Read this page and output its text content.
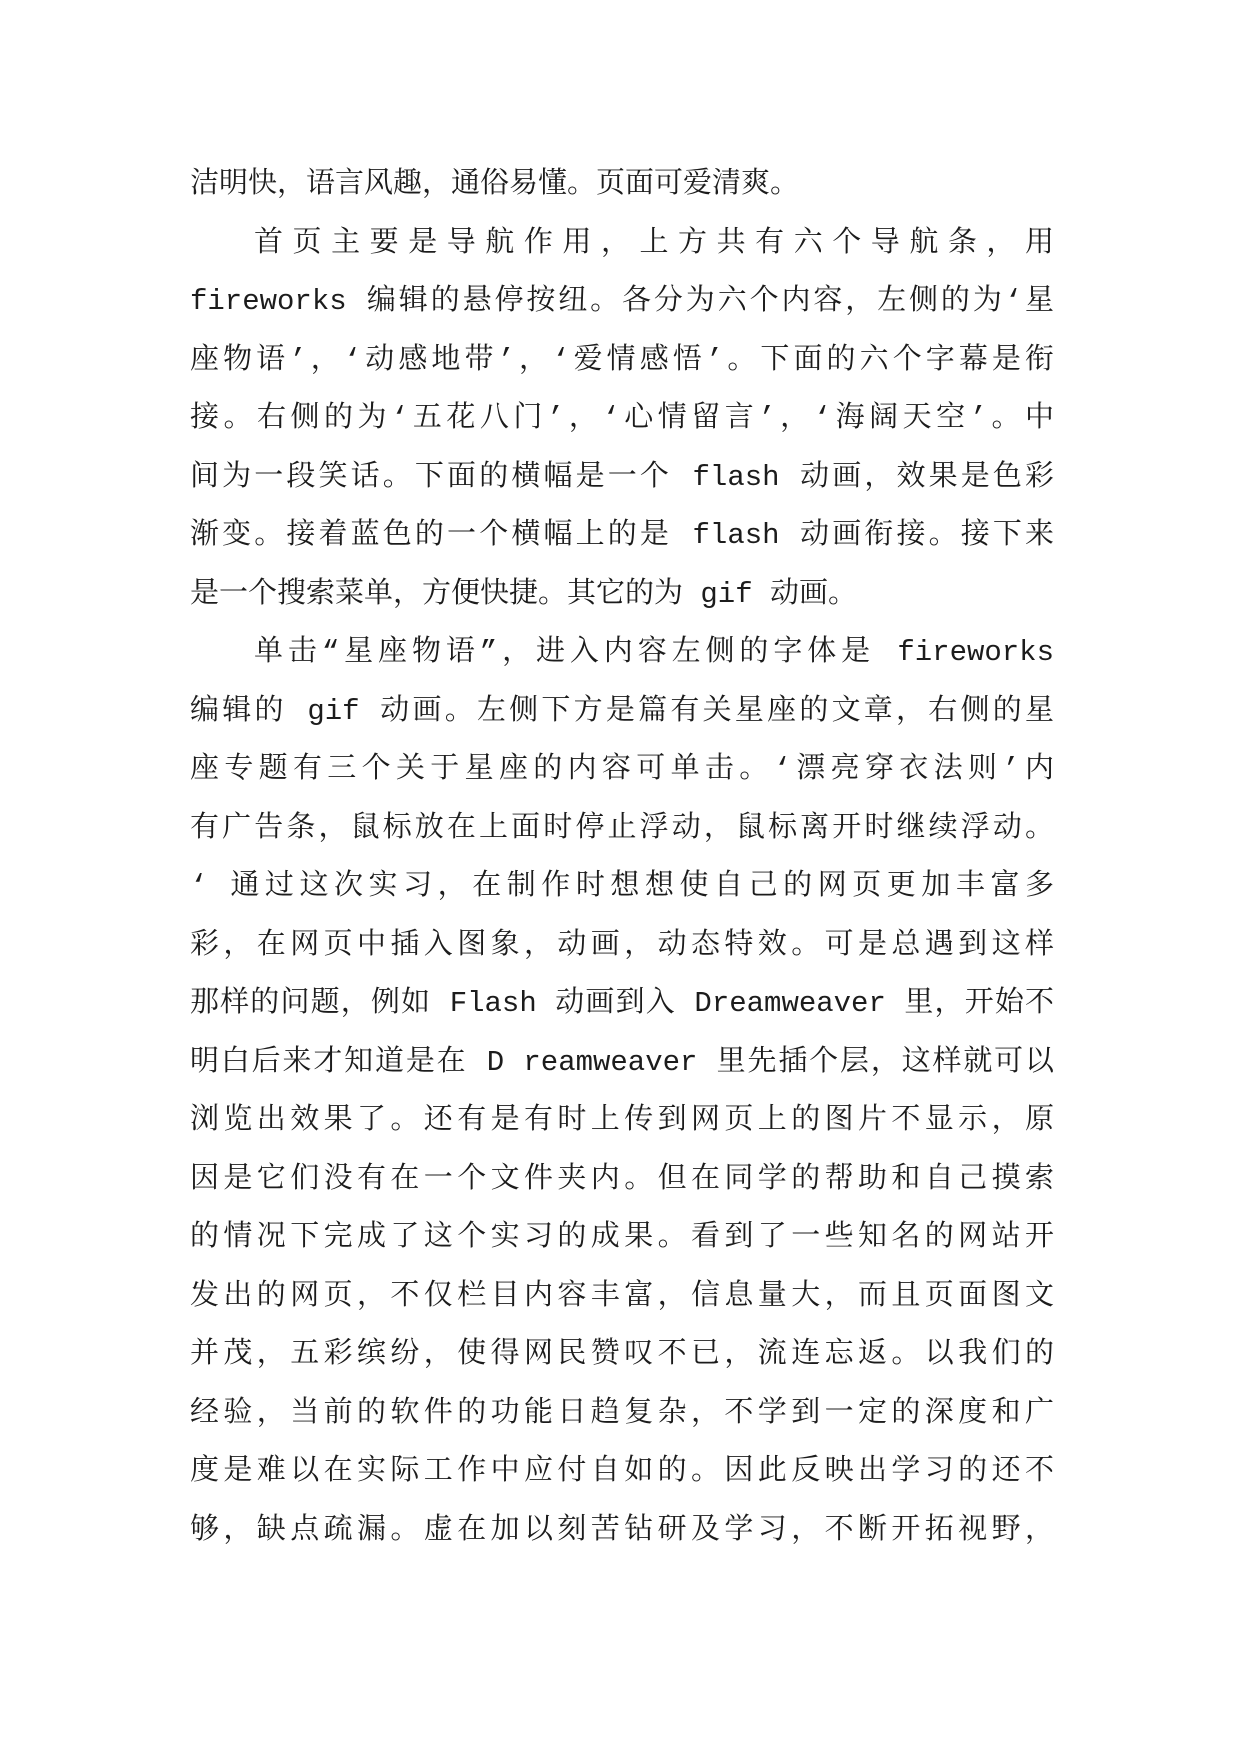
洁明快，语言风趣，通俗易懂。页面可爱清爽。
首页主要是导航作用，上方共有六个导航条，用
fireworks 编辑的悬停按纽。各分为六个内容，左侧的为‘星
座物语’，‘动感地带’，‘爱情感悟’。下面的六个字幕是衔
接。右侧的为‘五花八门’，‘心情留言’，‘海阔天空’。中
间为一段笑话。下面的横幅是一个 flash 动画，效果是色彩
渐变。接着蓝色的一个横幅上的是 flash 动画衔接。接下来
是一个搜索菜单，方便快捷。其它的为 gif 动画。
单击“星座物语”，进入内容左侧的字体是 fireworks
编辑的 gif 动画。左侧下方是篇有关星座的文章，右侧的星
座专题有三个关于星座的内容可单击。‘漂亮穿衣法则’内
有广告条，鼠标放在上面时停止浮动，鼠标离开时继续浮动。
‘ 通过这次实习，在制作时想想使自己的网页更加丰富多
彩，在网页中插入图象，动画，动态特效。可是总遇到这样
那样的问题，例如 Flash 动画到入 Dreamweaver 里，开始不
明白后来才知道是在 D reamweaver 里先插个层，这样就可以
浏览出效果了。还有是有时上传到网页上的图片不显示，原
因是它们没有在一个文件夹内。但在同学的帮助和自己摸索
的情况下完成了这个实习的成果。看到了一些知名的网站开
发出的网页，不仅栏目内容丰富，信息量大，而且页面图文
并茂，五彩缤纷，使得网民赞叹不已，流连忘返。以我们的
经验，当前的软件的功能日趋复杂，不学到一定的深度和广
度是难以在实际工作中应付自如的。因此反映出学习的还不
够，缺点疏漏。虚在加以刻苦钻研及学习，不断开拓视野，
